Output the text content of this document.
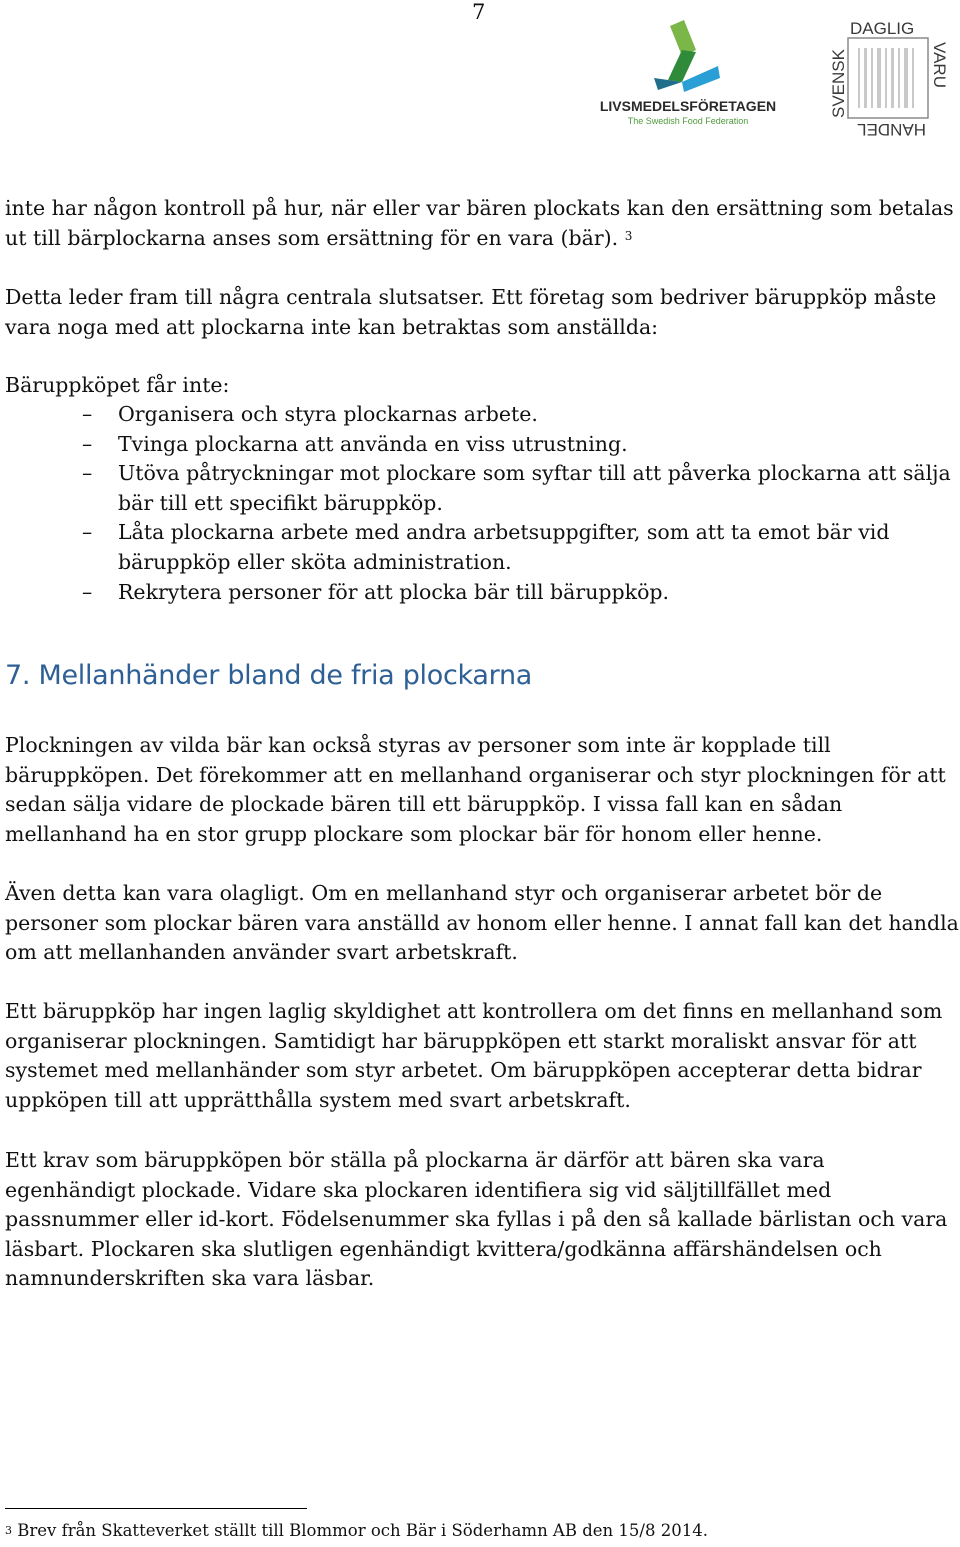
7
LIVSMEDELSFÖRETAGEN
The Swedish Food Federation
DAGLIG
SVENSK	VARU
HANDEL

inte har någon kontroll på hur, när eller var bären plockats kan den ersättning som betalas ut till bärplockarna anses som ersättning för en vara (bär). $^3$

Detta leder fram till några centrala slutsatser. Ett företag som bedriver bäruppköp måste vara noga med att plockarna inte kan betraktas som anställda:

Bäruppköpet får inte:

– Organisera och styra plockarnas arbete.
– Tvinga plockarna att använda en viss utrustning.
– Utöva påtryckningar mot plockare som syftar till att påverka plockarna att sälja bär till ett specifikt bäruppköp.
– Låta plockarna arbete med andra arbetsuppgifter, som att ta emot bär vid bäruppköp eller sköta administration.
– Rekrytera personer för att plocka bär till bäruppköp.
7. Mellanhänder bland de fria plockarna

Plockningen av vilda bär kan också styras av personer som inte är kopplade till bäruppköpen. Det förekommer att en mellanhand organiserar och styr plockningen för att sedan sälja vidare de plockade bären till ett bäruppköp. I vissa fall kan en sådan mellanhand ha en stor grupp plockare som plockar bär för honom eller henne.

Även detta kan vara olagligt. Om en mellanhand styr och organiserar arbetet bör de personer som plockar bären vara anställd av honom eller henne. I annat fall kan det handla om att mellanhanden använder svart arbetskraft.

Ett bäruppköp har ingen laglig skyldighet att kontrollera om det finns en mellanhand som organiserar plockningen. Samtidigt har bäruppköpen ett starkt moraliskt ansvar för att systemet med mellanhänder som styr arbetet. Om bäruppköpen accepterar detta bidrar uppköpen till att upprätthålla system med svart arbetskraft.

Ett krav som bäruppköpen bör ställa på plockarna är därför att bären ska vara egenhändigt plockade. Vidare ska plockaren identifiera sig vid säljtillfället med passnummer eller id-kort. Födelsenummer ska fyllas i på den så kallade bärlistan och vara läsbart. Plockaren ska slutligen egenhändigt kvittera/godkänna affärshändelsen och namnunderskriften ska vara läsbar.

$^3$ Brev från Skatteverket ställt till Blommor och Bär i Söderhamn AB den 15/8 2014.
